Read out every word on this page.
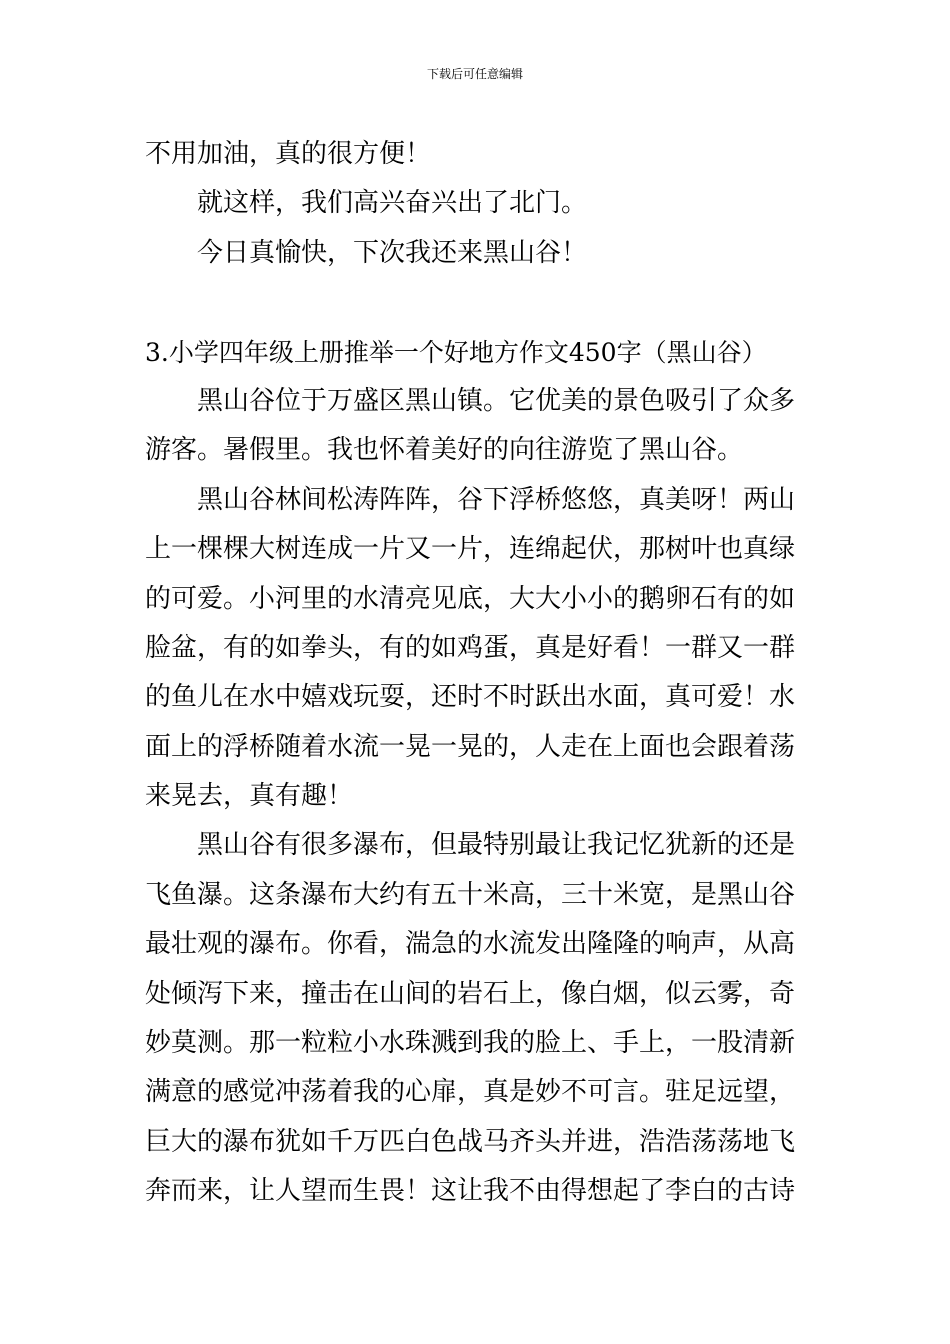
下载后可任意编辑
不用加油，真的很方便！
就这样，我们高兴奋兴出了北门。
今日真愉快，下次我还来黑山谷！
3.小学四年级上册推举一个好地方作文450字（黑山谷）
黑山谷位于万盛区黑山镇。它优美的景色吸引了众多
游客。暑假里。我也怀着美好的向往游览了黑山谷。
黑山谷林间松涛阵阵，谷下浮桥悠悠，真美呀！两山
上一棵棵大树连成一片又一片，连绵起伏，那树叶也真绿
的可爱。小河里的水清亮见底，大大小小的鹅卵石有的如
脸盆，有的如拳头，有的如鸡蛋，真是好看！一群又一群
的鱼儿在水中嬉戏玩耍，还时不时跃出水面，真可爱！水
面上的浮桥随着水流一晃一晃的，人走在上面也会跟着荡
来晃去，真有趣！
黑山谷有很多瀑布，但最特别最让我记忆犹新的还是
飞鱼瀑。这条瀑布大约有五十米高，三十米宽，是黑山谷
最壮观的瀑布。你看，湍急的水流发出隆隆的响声，从高
处倾泻下来，撞击在山间的岩石上，像白烟，似云雾，奇
妙莫测。那一粒粒小水珠溅到我的脸上、手上，一股清新
满意的感觉冲荡着我的心扉，真是妙不可言。驻足远望，
巨大的瀑布犹如千万匹白色战马齐头并进，浩浩荡荡地飞
奔而来，让人望而生畏！这让我不由得想起了李白的古诗
